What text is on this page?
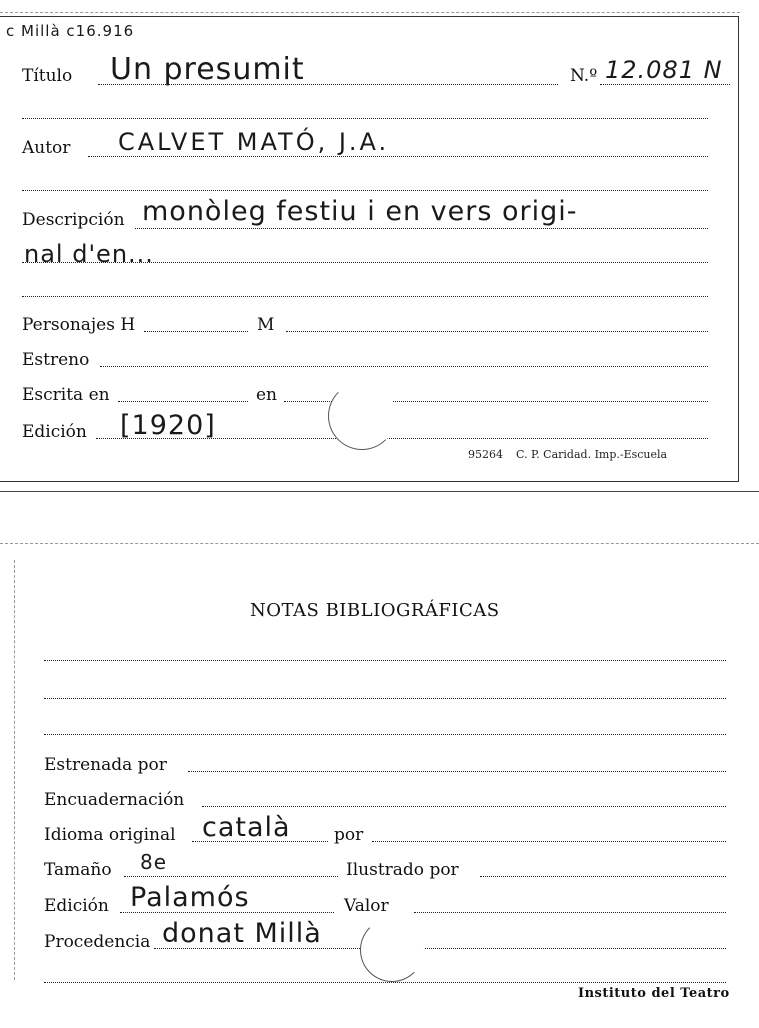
c Millà c16.916
Título Un presumit	N.º 12.081 N
Autor CALVET MATÓ, J.A.
Descripción monòleg festiu i en vers origi-
nal d'en...
Personajes H	M
Estreno
Escrita en	en
Edición [1920]
95264 C. P. Caridad. Imp.-Escuela
NOTAS BIBLIOGRÁFICAS
Estrenada por
Encuadernación
Idioma original català	por
Tamaño 8e	Ilustrado por
Edición Palamós	Valor
Procedencia donat Millà
Instituto del Teatro
